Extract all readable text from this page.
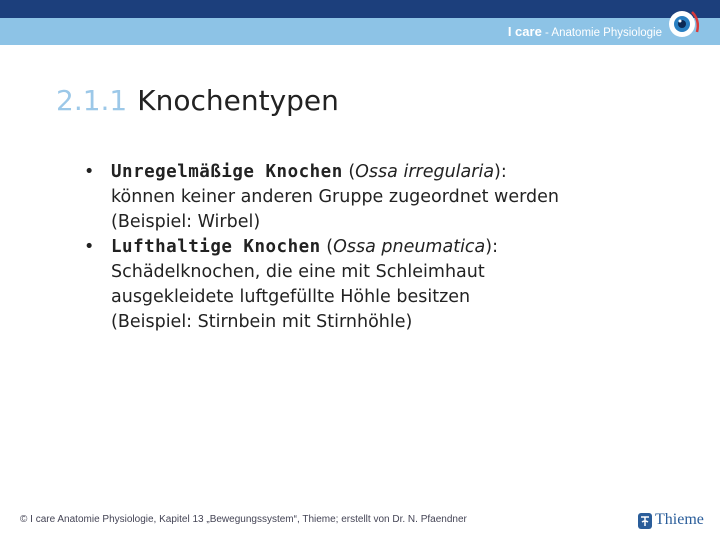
I care - Anatomie Physiologie
2.1.1 Knochentypen
• Unregelmäßige Knochen (Ossa irregularia):
können keiner anderen Gruppe zugeordnet werden
(Beispiel: Wirbel)
• Lufthaltige Knochen (Ossa pneumatica):
Schädelknochen, die eine mit Schleimhaut
ausgekleidete luftgefüllte Höhle besitzen
(Beispiel: Stirnbein mit Stirnhöhle)
© I care Anatomie Physiologie, Kapitel 13 „Bewegungssystem“, Thieme; erstellt von Dr. N. Pfaendner	Thieme
